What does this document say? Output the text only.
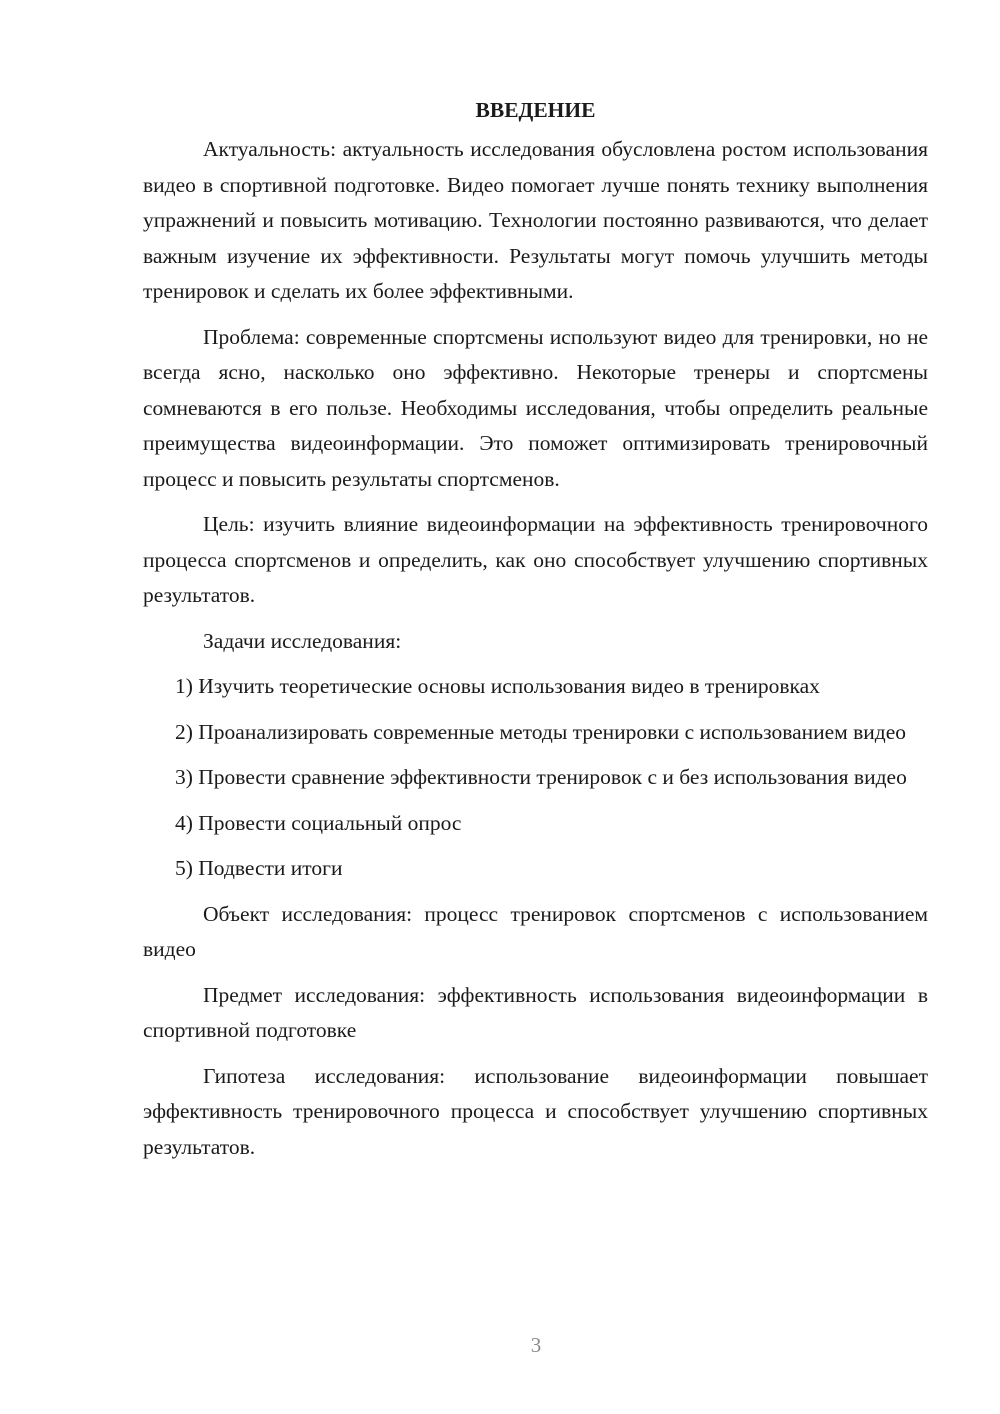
ВВЕДЕНИЕ

Актуальность: актуальность исследования обусловлена ростом использования видео в спортивной подготовке. Видео помогает лучше понять технику выполнения упражнений и повысить мотивацию. Технологии постоянно развиваются, что делает важным изучение их эффективности. Результаты могут помочь улучшить методы тренировок и сделать их более эффективными.

Проблема: современные спортсмены используют видео для тренировки, но не всегда ясно, насколько оно эффективно. Некоторые тренеры и спортсмены сомневаются в его пользе. Необходимы исследования, чтобы определить реальные преимущества видеоинформации. Это поможет оптимизировать тренировочный процесс и повысить результаты спортсменов.

Цель: изучить влияние видеоинформации на эффективность тренировочного процесса спортсменов и определить, как оно способствует улучшению спортивных результатов.

Задачи исследования:

1) Изучить теоретические основы использования видео в тренировках

2) Проанализировать современные методы тренировки с использованием видео

3) Провести сравнение эффективности тренировок с и без использования видео

4) Провести социальный опрос

5) Подвести итоги

Объект исследования: процесс тренировок спортсменов с использованием видео

Предмет исследования: эффективность использования видеоинформации в спортивной подготовке

Гипотеза исследования: использование видеоинформации повышает эффективность тренировочного процесса и способствует улучшению спортивных результатов.

3
